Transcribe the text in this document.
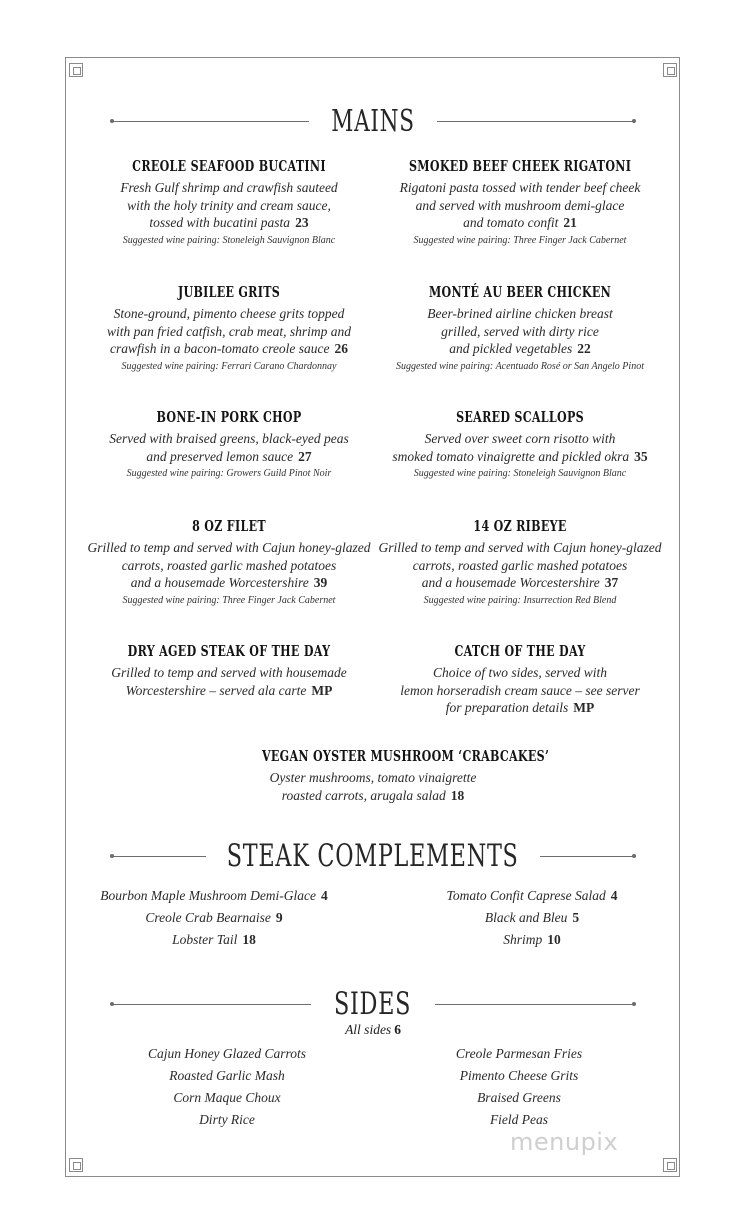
MAINS
CREOLE SEAFOOD BUCATINI
Fresh Gulf shrimp and crawfish sauteed
with the holy trinity and cream sauce,
tossed with bucatini pasta 23
Suggested wine pairing: Stoneleigh Sauvignon Blanc
SMOKED BEEF CHEEK RIGATONI
Rigatoni pasta tossed with tender beef cheek
and served with mushroom demi-glace
and tomato confit 21
Suggested wine pairing: Three Finger Jack Cabernet
JUBILEE GRITS
Stone-ground, pimento cheese grits topped
with pan fried catfish, crab meat, shrimp and
crawfish in a bacon-tomato creole sauce 26
Suggested wine pairing: Ferrari Carano Chardonnay
MONTÉ AU BEER CHICKEN
Beer-brined airline chicken breast
grilled, served with dirty rice
and pickled vegetables 22
Suggested wine pairing: Acentuado Rosé or San Angelo Pinot
BONE-IN PORK CHOP
Served with braised greens, black-eyed peas
and preserved lemon sauce 27
Suggested wine pairing: Growers Guild Pinot Noir
SEARED SCALLOPS
Served over sweet corn risotto with
smoked tomato vinaigrette and pickled okra 35
Suggested wine pairing: Stoneleigh Sauvignon Blanc
8 OZ FILET
Grilled to temp and served with Cajun honey-glazed
carrots, roasted garlic mashed potatoes
and a housemade Worcestershire 39
Suggested wine pairing: Three Finger Jack Cabernet
14 OZ RIBEYE
Grilled to temp and served with Cajun honey-glazed
carrots, roasted garlic mashed potatoes
and a housemade Worcestershire 37
Suggested wine pairing: Insurrection Red Blend
DRY AGED STEAK OF THE DAY
Grilled to temp and served with housemade
Worcestershire – served ala carte MP
CATCH OF THE DAY
Choice of two sides, served with
lemon horseradish cream sauce – see server
for preparation details MP
VEGAN OYSTER MUSHROOM ‘CRABCAKES’
Oyster mushrooms, tomato vinaigrette
roasted carrots, arugala salad 18
STEAK COMPLEMENTS
Bourbon Maple Mushroom Demi-Glace 4
Creole Crab Bearnaise 9
Lobster Tail 18
Tomato Confit Caprese Salad 4
Black and Bleu 5
Shrimp 10
SIDES
All sides 6
Cajun Honey Glazed Carrots
Roasted Garlic Mash
Corn Maque Choux
Dirty Rice
Creole Parmesan Fries
Pimento Cheese Grits
Braised Greens
Field Peas
menupix
